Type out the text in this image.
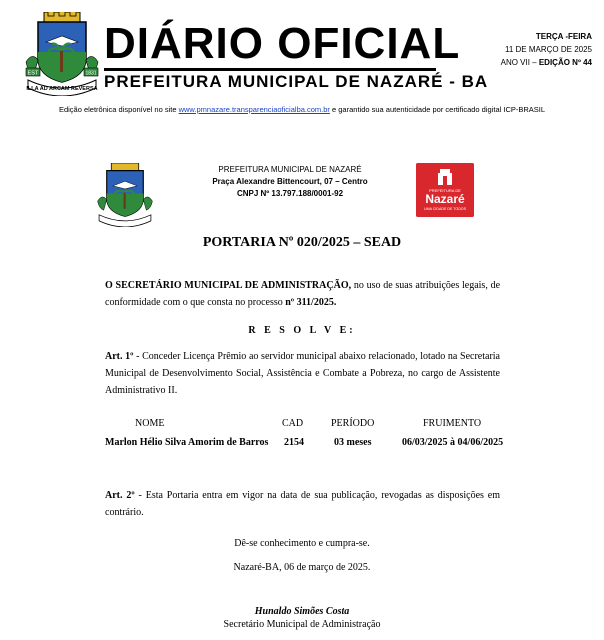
EST	1831
ILLA AD ARCAM REVERSA
DIÁRIO OFICIAL
PREFEITURA MUNICIPAL DE NAZARÉ - BA
TERÇA -FEIRA
11 DE MARÇO DE 2025
ANO VII – EDIÇÃO Nº 44
Edição eletrônica disponível no site www.pmnazare.transparenciaoficialba.com.br e garantido sua autenticidade por certificado digital ICP-BRASIL
PREFEITURA MUNICIPAL DE NAZARÉ
Praça Alexandre Bittencourt, 07 – Centro
CNPJ Nº 13.797.188/0001-92	PREFEITURA DE
Nazaré
UMA CIDADE DE TODOS
PORTARIA Nº 020/2025 – SEAD
O SECRETÁRIO MUNICIPAL DE ADMINISTRAÇÃO, no uso de suas atribuições legais, de conformidade com o que consta no processo nº 311/2025.
R E S O L V E:
Art. 1º - Conceder Licença Prêmio ao servidor municipal abaixo relacionado, lotado na Secretaria Municipal de Desenvolvimento Social, Assistência e Combate a Pobreza, no cargo de Assistente Administrativo II.
NOME	CAD	PERÍODO	FRUIMENTO
Marlon Hélio Silva Amorim de Barros 2154	03 meses	06/03/2025 à 04/06/2025
Art. 2º - Esta Portaria entra em vigor na data de sua publicação, revogadas as disposições em contrário.
Dê-se conhecimento e cumpra-se.
Nazaré-BA, 06 de março de 2025.
Hunaldo Simões Costa
Secretário Municipal de Administração
